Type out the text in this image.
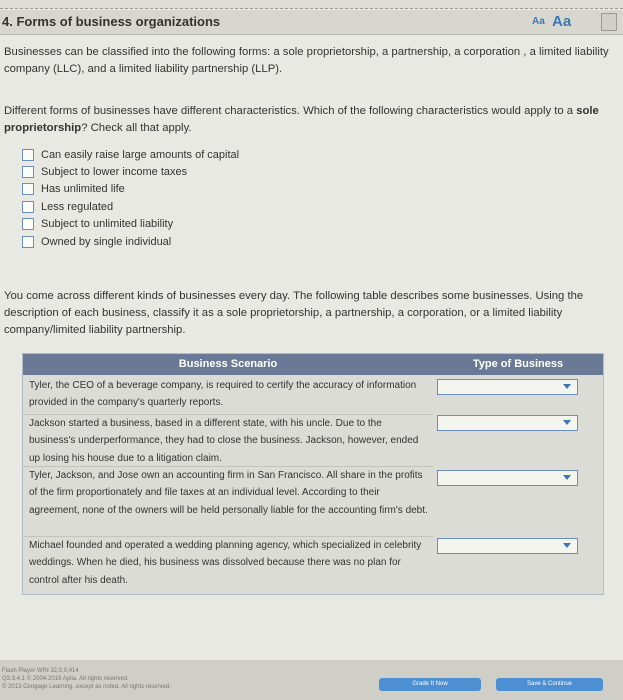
4. Forms of business organizations	Aa Aa
Businesses can be classified into the following forms: a sole proprietorship, a partnership, a corporation , a limited liability company (LLC), and a limited liability partnership (LLP).
Different forms of businesses have different characteristics. Which of the following characteristics would apply to a sole proprietorship? Check all that apply.
Can easily raise large amounts of capital
Subject to lower income taxes
Has unlimited life
Less regulated
Subject to unlimited liability
Owned by single individual
You come across different kinds of businesses every day. The following table describes some businesses. Using the description of each business, classify it as a sole proprietorship, a partnership, a corporation, or a limited liability company/limited liability partnership.
Business Scenario	Type of Business
Tyler, the CEO of a beverage company, is required to certify the accuracy of information provided in the company's quarterly reports.
Jackson started a business, based in a different state, with his uncle. Due to the business's underperformance, they had to close the business. Jackson, however, ended up losing his house due to a litigation claim.
Tyler, Jackson, and Jose own an accounting firm in San Francisco. All share in the profits of the firm proportionately and file taxes at an individual level. According to their agreement, none of the owners will be held personally liable for the accounting firm's debt.
Michael founded and operated a wedding planning agency, which specialized in celebrity weddings. When he died, his business was dissolved because there was no plan for control after his death.
Flash Player WIN 32,0,0,414
Q3.3.4.1 © 2004-2016 Aplia. All rights reserved.
© 2013 Cengage Learning, except as noted. All rights reserved.	Grade It Now	Save & Continue
